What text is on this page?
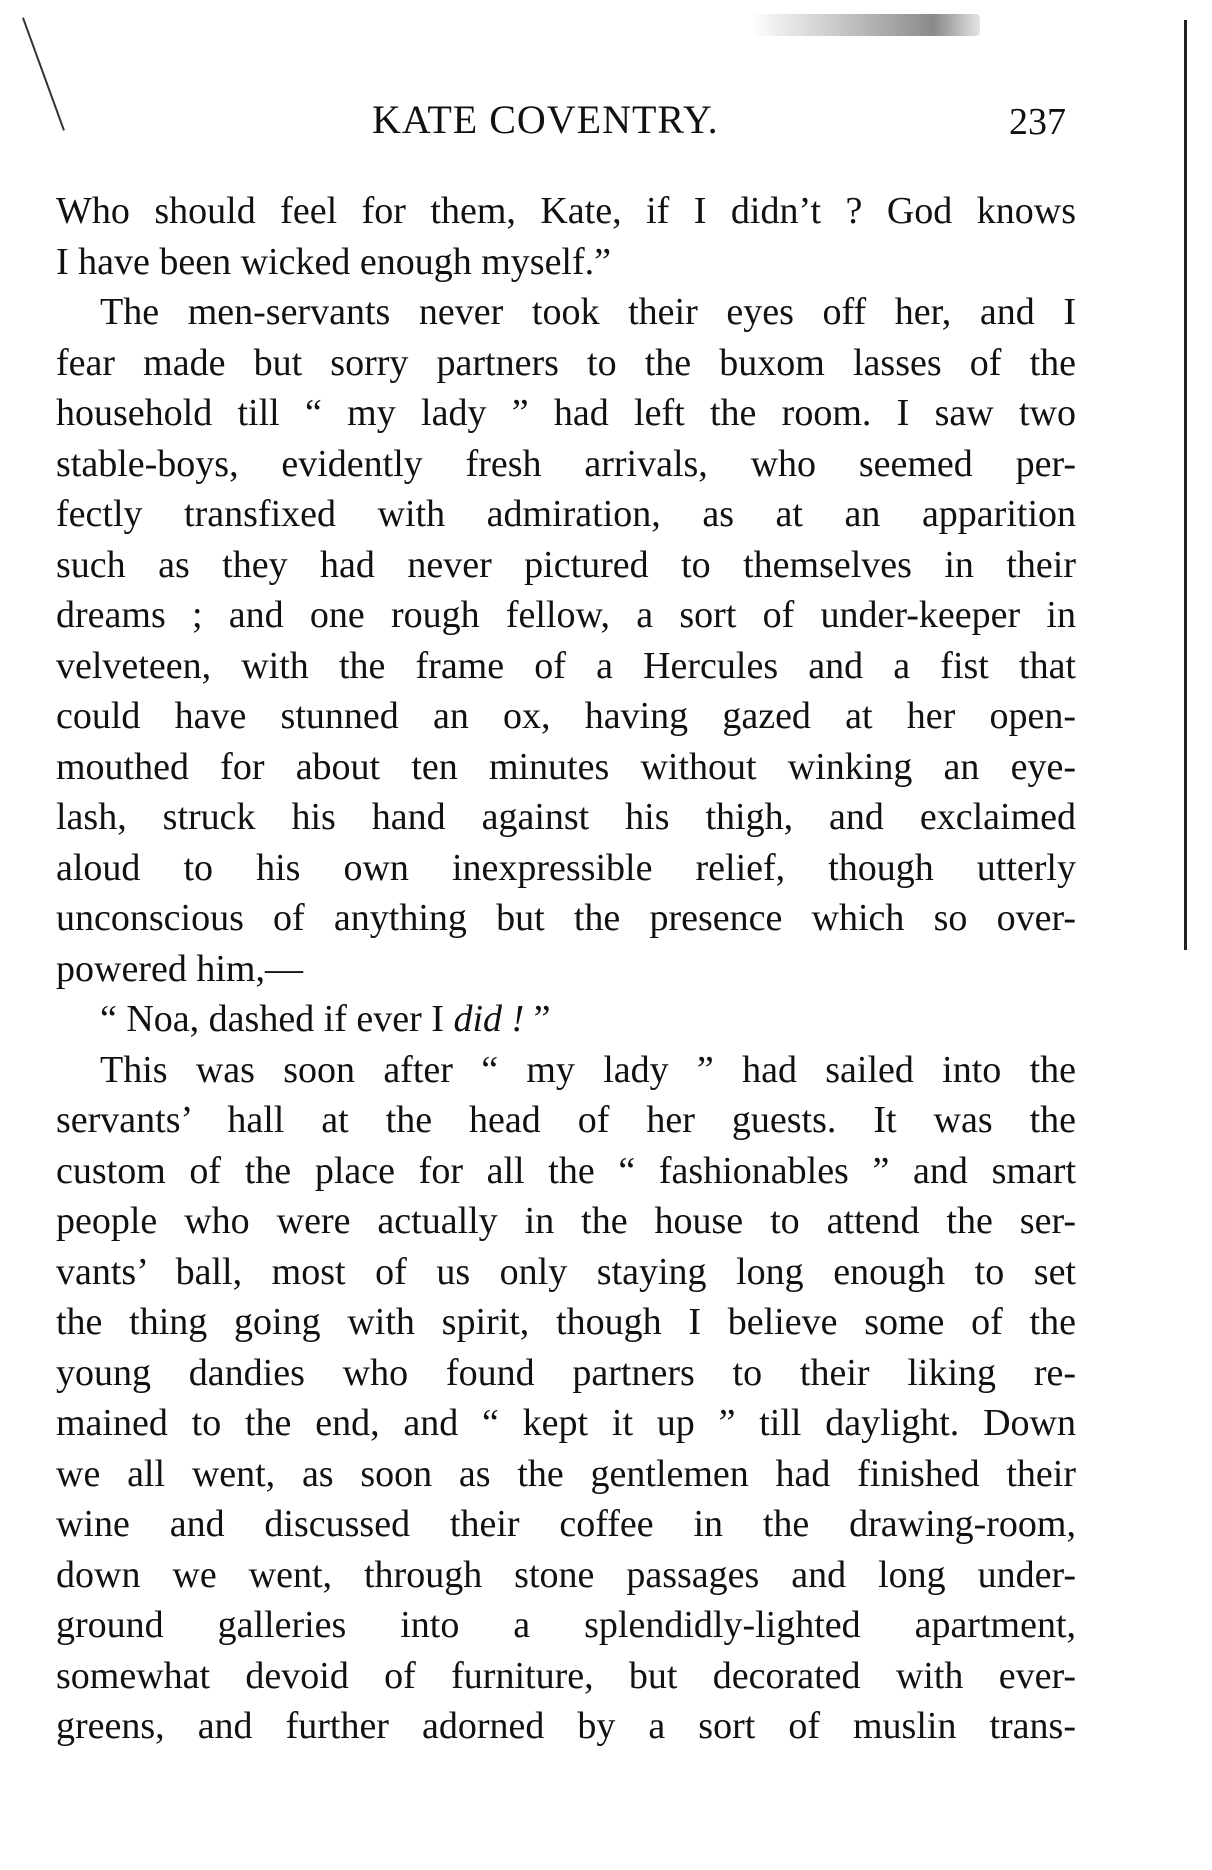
KATE COVENTRY.	237
Who should feel for them, Kate, if I didn’t ? God knows
I have been wicked enough myself.”
The men-servants never took their eyes off her, and I
fear made but sorry partners to the buxom lasses of the
household till “ my lady ” had left the room. I saw two
stable-boys, evidently fresh arrivals, who seemed per-
fectly transfixed with admiration, as at an apparition
such as they had never pictured to themselves in their
dreams ; and one rough fellow, a sort of under-keeper in
velveteen, with the frame of a Hercules and a fist that
could have stunned an ox, having gazed at her open-
mouthed for about ten minutes without winking an eye-
lash, struck his hand against his thigh, and exclaimed
aloud to his own inexpressible relief, though utterly
unconscious of anything but the presence which so over-
powered him,—
“ Noa, dashed if ever I did ! ”
This was soon after “ my lady ” had sailed into the
servants’ hall at the head of her guests. It was the
custom of the place for all the “ fashionables ” and smart
people who were actually in the house to attend the ser-
vants’ ball, most of us only staying long enough to set
the thing going with spirit, though I believe some of the
young dandies who found partners to their liking re-
mained to the end, and “ kept it up ” till daylight. Down
we all went, as soon as the gentlemen had finished their
wine and discussed their coffee in the drawing-room,
down we went, through stone passages and long under-
ground galleries into a splendidly-lighted apartment,
somewhat devoid of furniture, but decorated with ever-
greens, and further adorned by a sort of muslin trans-
